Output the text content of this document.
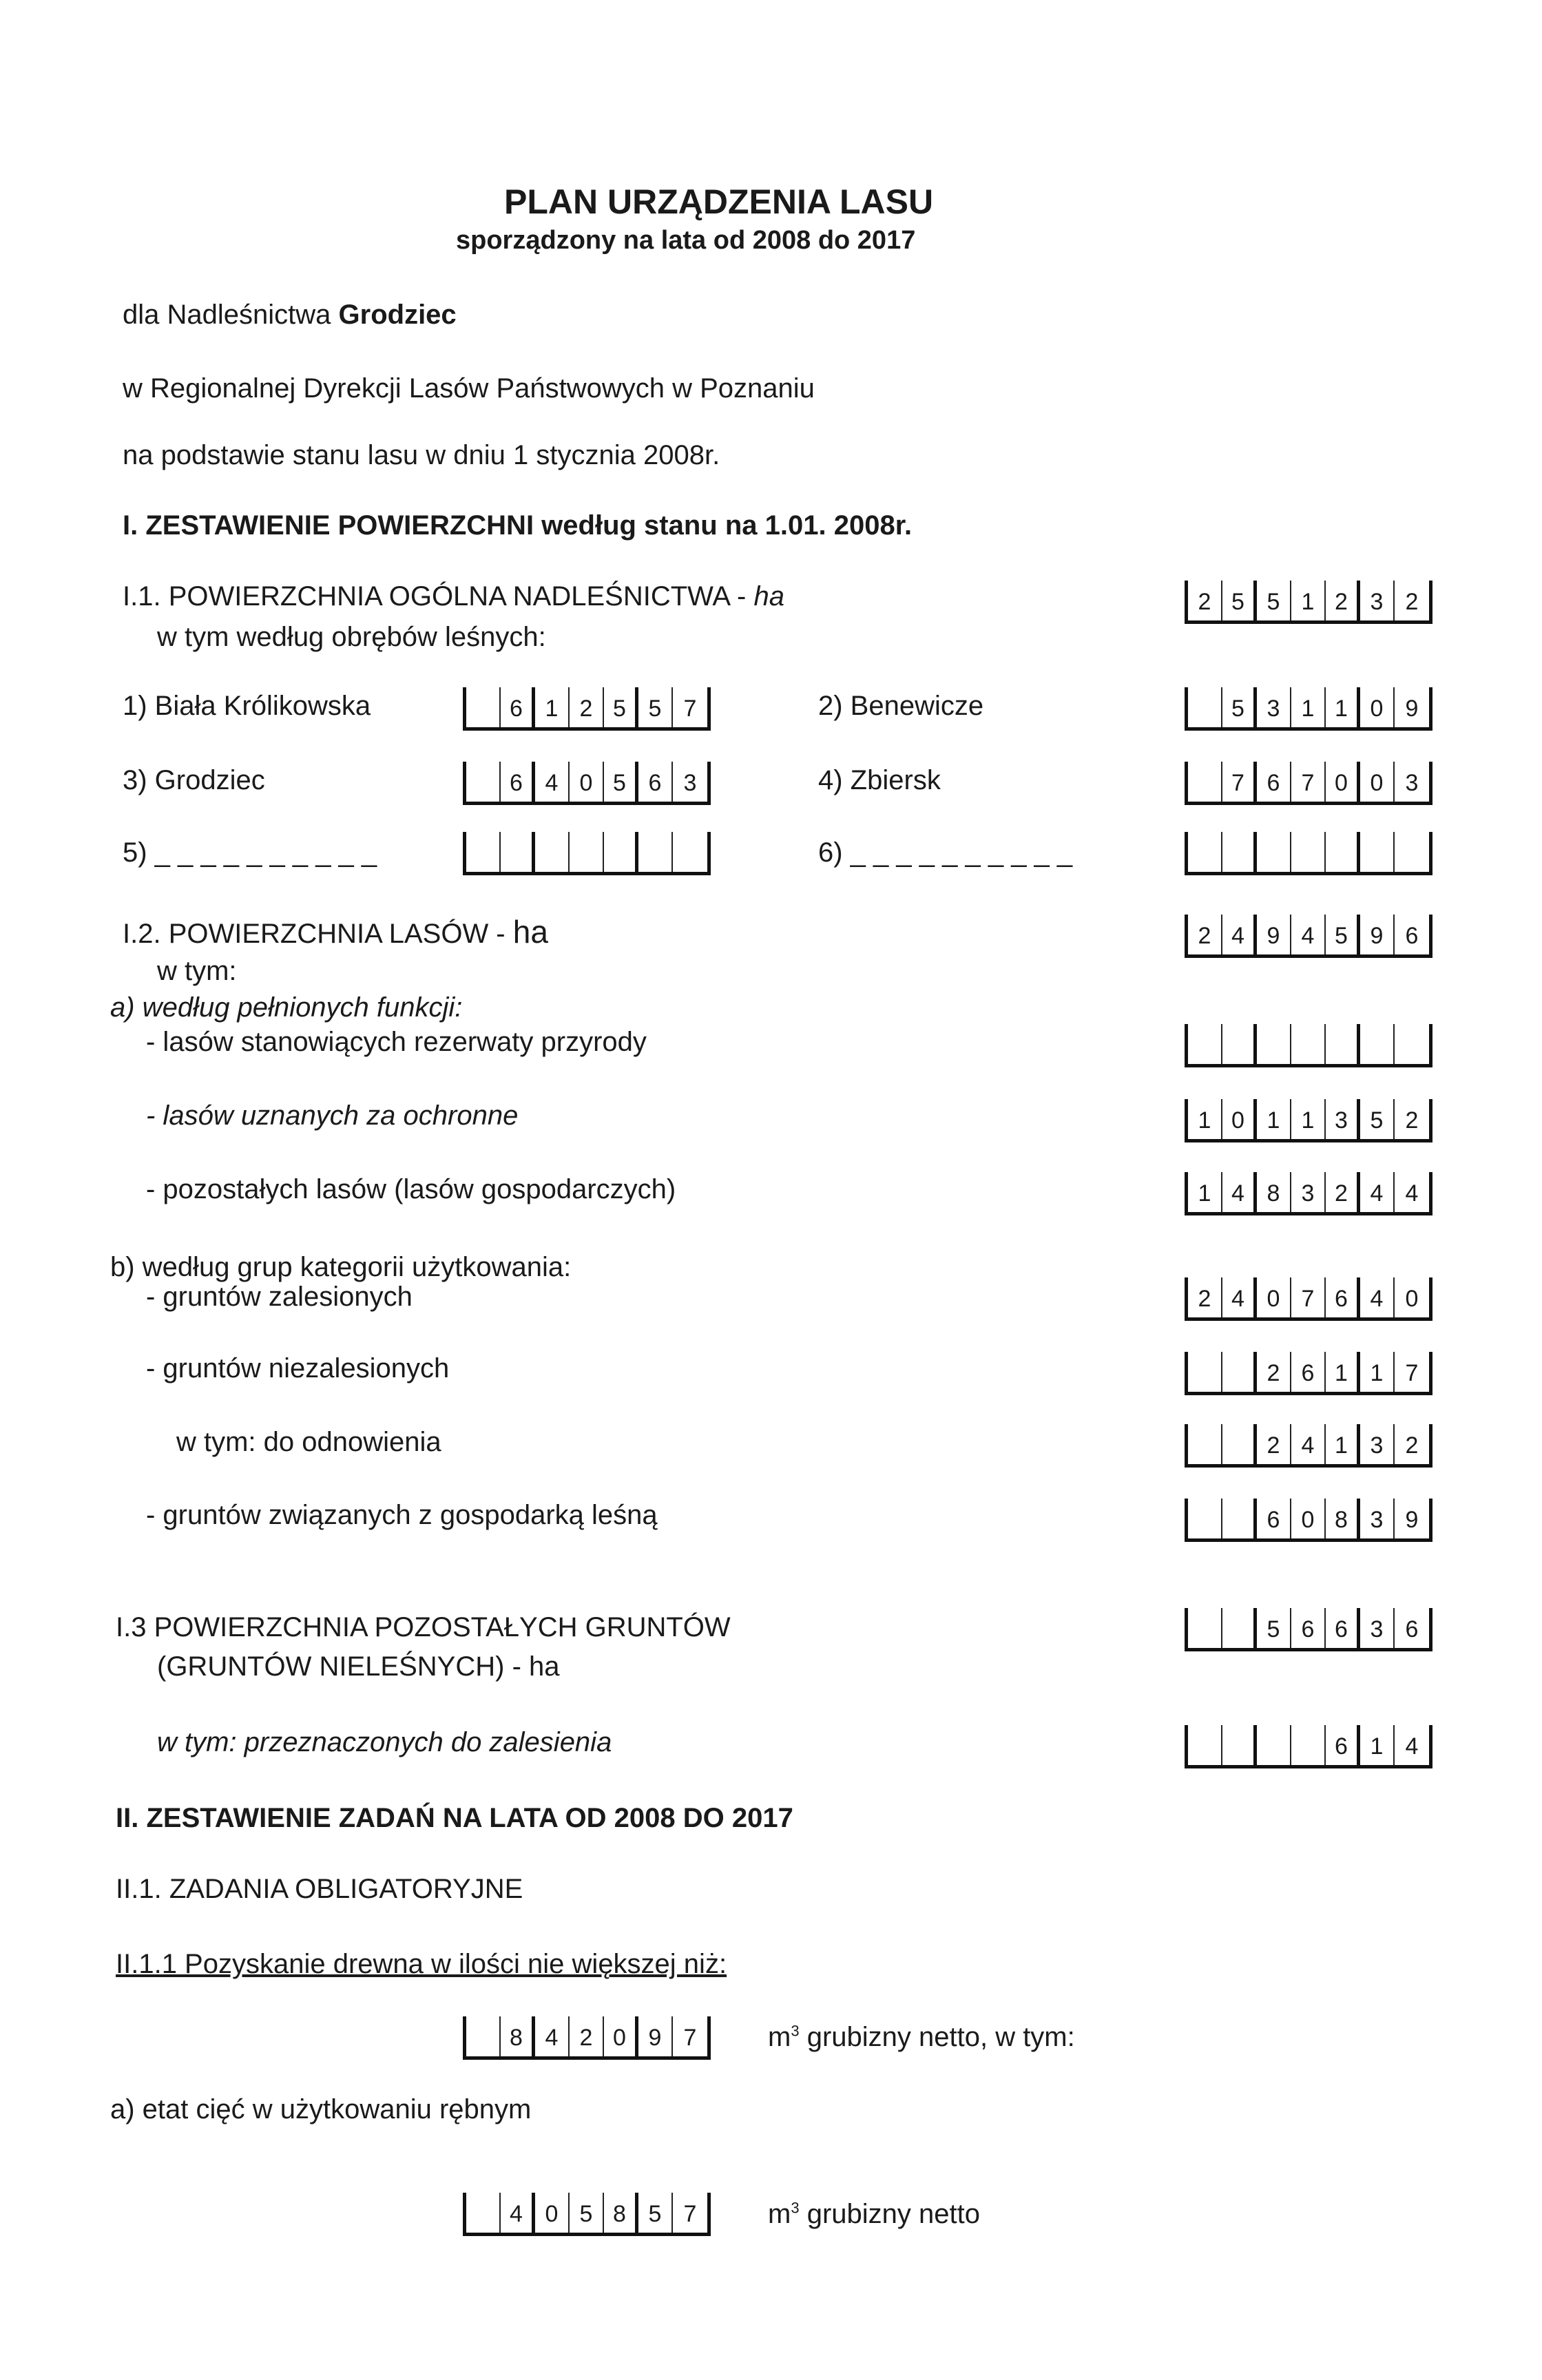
PLAN URZĄDZENIA LASU
sporządzony na lata od 2008 do 2017
dla Nadleśnictwa Grodziec
w Regionalnej Dyrekcji Lasów Państwowych w Poznaniu
na podstawie stanu lasu w dniu 1 stycznia 2008r.
I. ZESTAWIENIE POWIERZCHNI według stanu na 1.01. 2008r.
I.1. POWIERZCHNIA OGÓLNA NADLEŚNICTWA - ha	2 5 5 1 2 3 2
w tym według obrębów leśnych:
1) Biała Królikowska	6 1 2 5 5 7	2) Benewicze	5 3 1 1 0 9
3) Grodziec	6 4 0 5 6 3	4) Zbiersk	7 6 7 0 0 3
5) _ _ _ _ _ _ _ _ _ _	6) _ _ _ _ _ _ _ _ _ _
I.2. POWIERZCHNIA LASÓW - ha	2 4 9 4 5 9 6
w tym:
a) według pełnionych funkcji:
- lasów stanowiących rezerwaty przyrody
- lasów uznanych za ochronne	1 0 1 1 3 5 2
- pozostałych lasów (lasów gospodarczych)	1 4 8 3 2 4 4
b) według grup kategorii użytkowania:
- gruntów zalesionych	2 4 0 7 6 4 0
- gruntów niezalesionych	2 6 1 1 7
w tym: do odnowienia	2 4 1 3 2
- gruntów związanych z gospodarką leśną	6 0 8 3 9
I.3 POWIERZCHNIA POZOSTAŁYCH GRUNTÓW
(GRUNTÓW NIELEŚNYCH) - ha
5 6 6 3 6
w tym: przeznaczonych do zalesienia	6 1 4
II. ZESTAWIENIE ZADAŃ NA LATA OD 2008 DO 2017
II.1. ZADANIA OBLIGATORYJNE
II.1.1 Pozyskanie drewna w ilości nie większej niż:
8 4 2 0 9 7	$m^3$ grubizny netto, w tym:
a) etat cięć w użytkowaniu rębnym
4 0 5 8 5 7	$m^3$ grubizny netto
